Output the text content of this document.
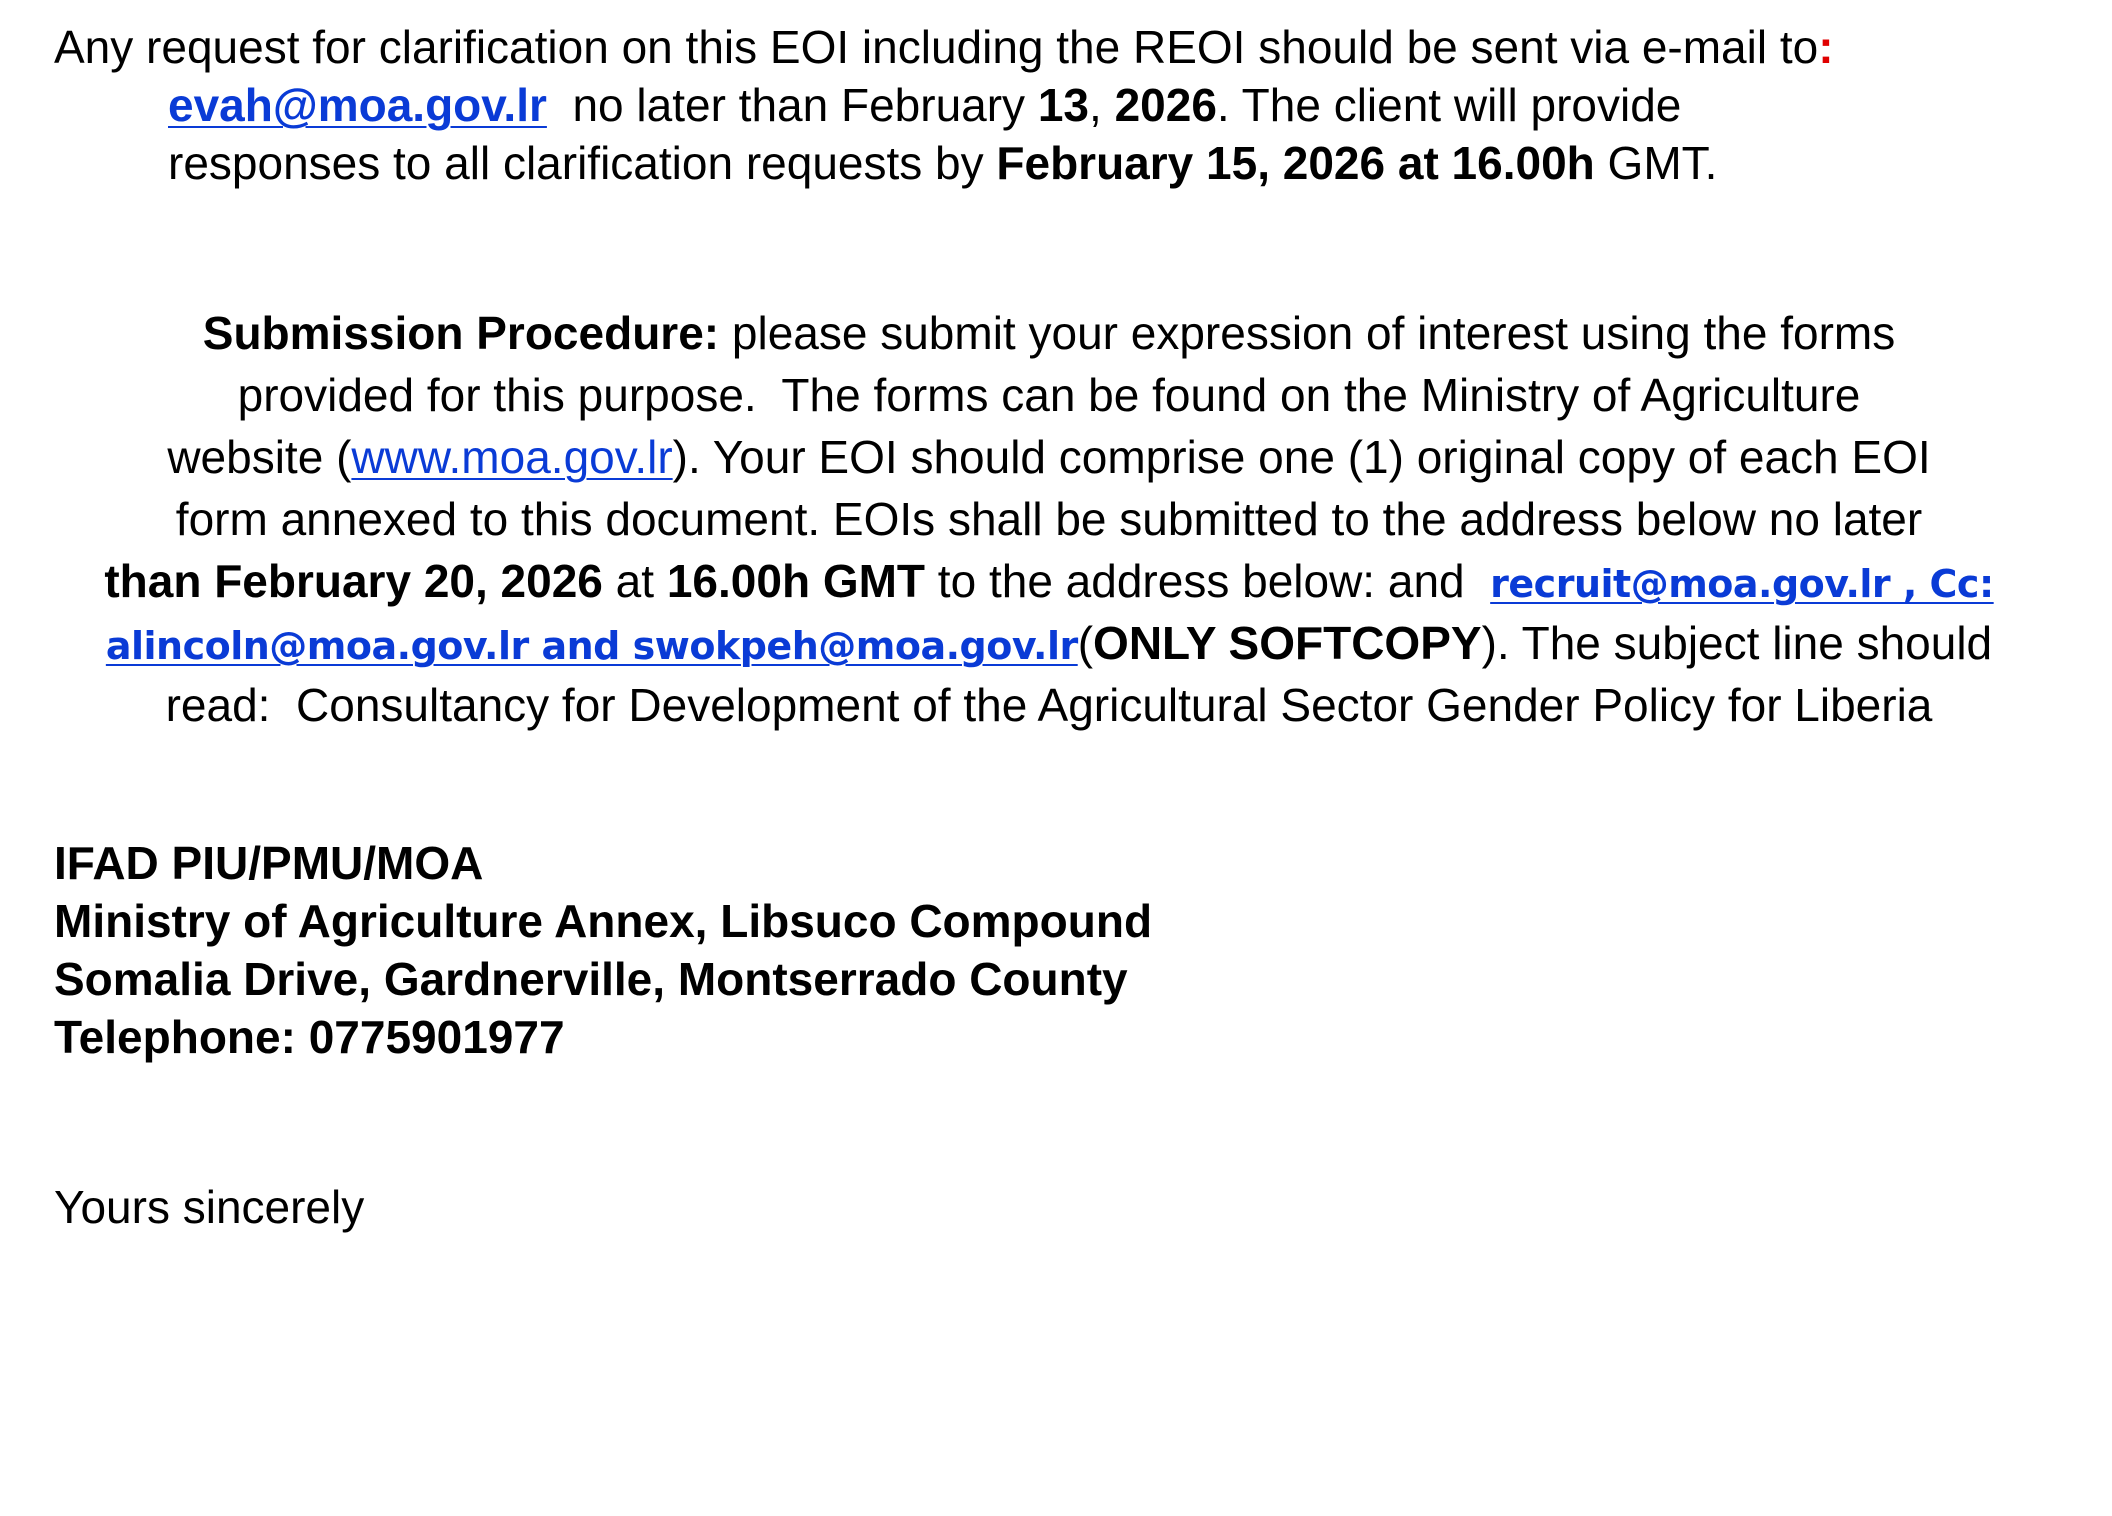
Any request for clarification on this EOI including the REOI should be sent via e-mail to:
evah@moa.gov.lr  no later than February 13, 2026. The client will provide
responses to all clarification requests by February 15, 2026 at 16.00h GMT.
Submission Procedure: please submit your expression of interest using the forms
provided for this purpose.  The forms can be found on the Ministry of Agriculture
website (www.moa.gov.lr). Your EOI should comprise one (1) original copy of each EOI
form annexed to this document. EOIs shall be submitted to the address below no later
than February 20, 2026 at 16.00h GMT to the address below: and  recruit@moa.gov.lr , Cc:
alincoln@moa.gov.lr and swokpeh@moa.gov.lr(ONLY SOFTCOPY). The subject line should
read:  Consultancy for Development of the Agricultural Sector Gender Policy for Liberia
IFAD PIU/PMU/MOA
Ministry of Agriculture Annex, Libsuco Compound
Somalia Drive, Gardnerville, Montserrado County
Telephone: 0775901977
Yours sincerely
